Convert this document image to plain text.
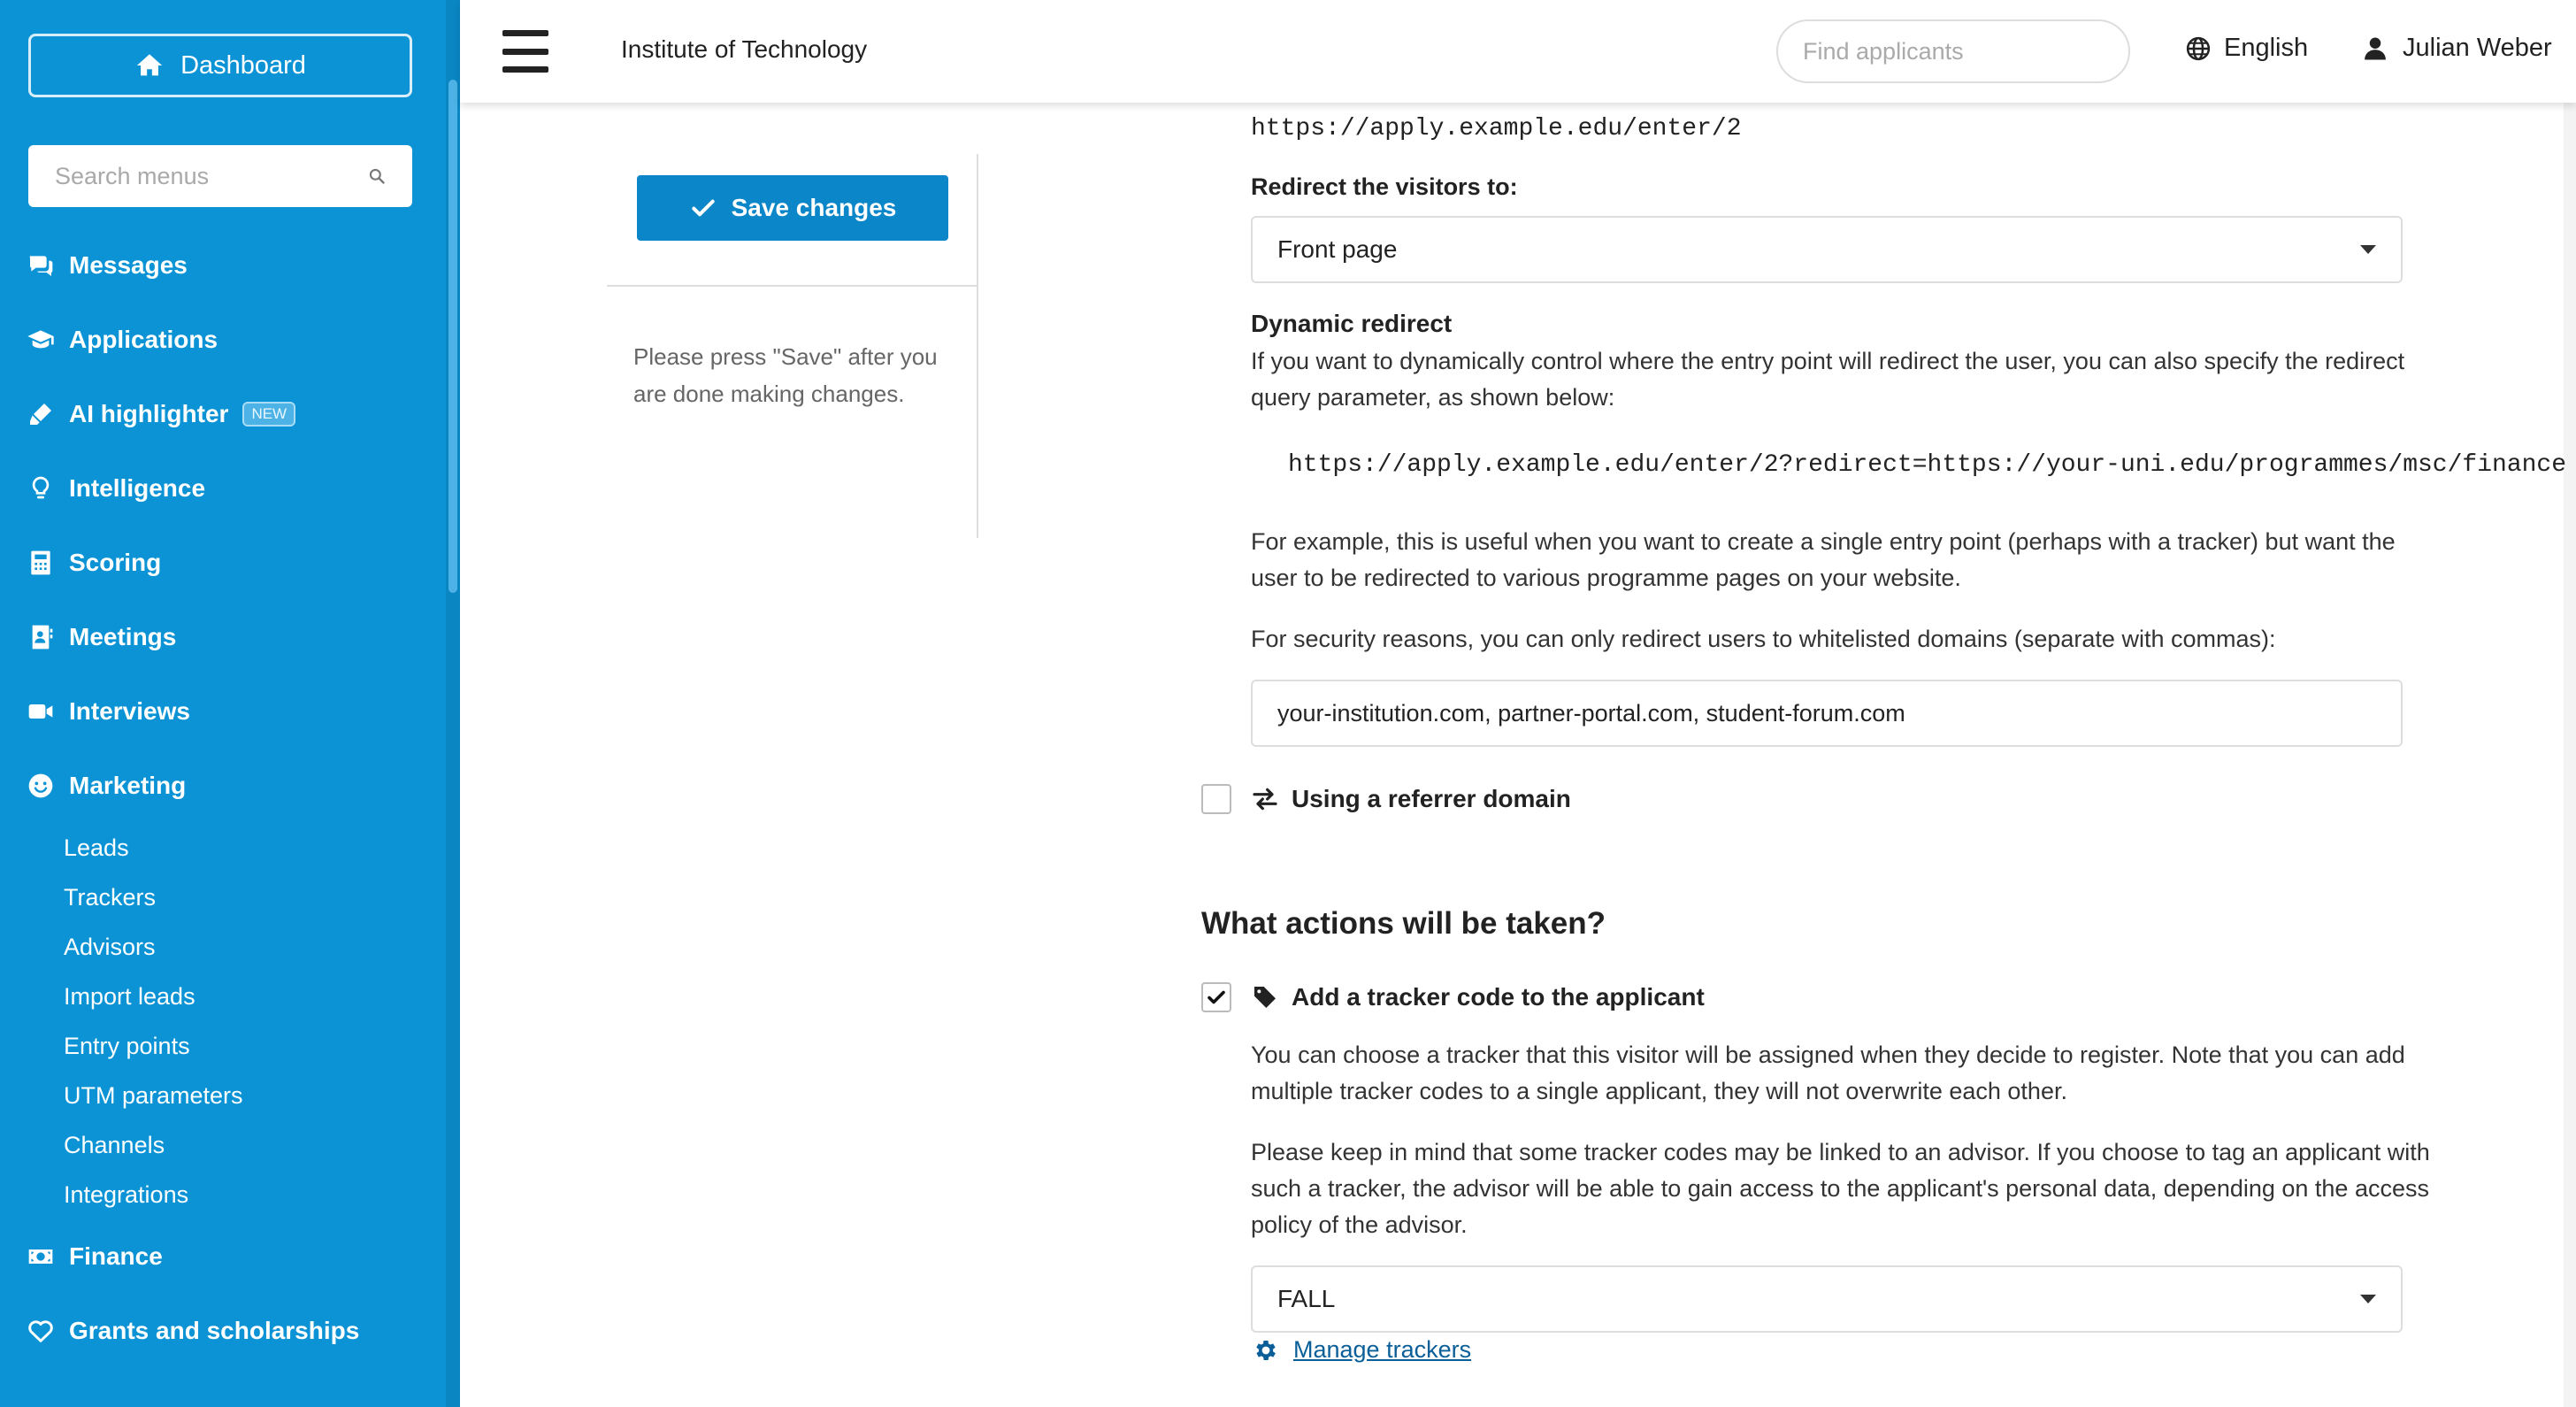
Dashboard
Search menus
Messages
Applications
AI highlighter	NEW
Intelligence
Scoring
Meetings
Interviews
Marketing
Leads
Trackers
Advisors
Import leads
Entry points
UTM parameters
Channels
Integrations
Finance
Grants and scholarships
Institute of Technology
Find applicants	English	Julian Weber
Save changes
Please press "Save" after you are done making changes.
https://apply.example.edu/enter/2
Redirect the visitors to:
Front page
Dynamic redirect
If you want to dynamically control where the entry point will redirect the user, you can also specify the redirect query parameter, as shown below:
https://apply.example.edu/enter/2?redirect=https://your-uni.edu/programmes/msc/finance
For example, this is useful when you want to create a single entry point (perhaps with a tracker) but want the user to be redirected to various programme pages on your website.
For security reasons, you can only redirect users to whitelisted domains (separate with commas):
your-institution.com, partner-portal.com, student-forum.com
Using a referrer domain
What actions will be taken?
Add a tracker code to the applicant
You can choose a tracker that this visitor will be assigned when they decide to register. Note that you can add multiple tracker codes to a single applicant, they will not overwrite each other.
Please keep in mind that some tracker codes may be linked to an advisor. If you choose to tag an applicant with such a tracker, the advisor will be able to gain access to the applicant's personal data, depending on the access policy of the advisor.
FALL
Manage trackers
